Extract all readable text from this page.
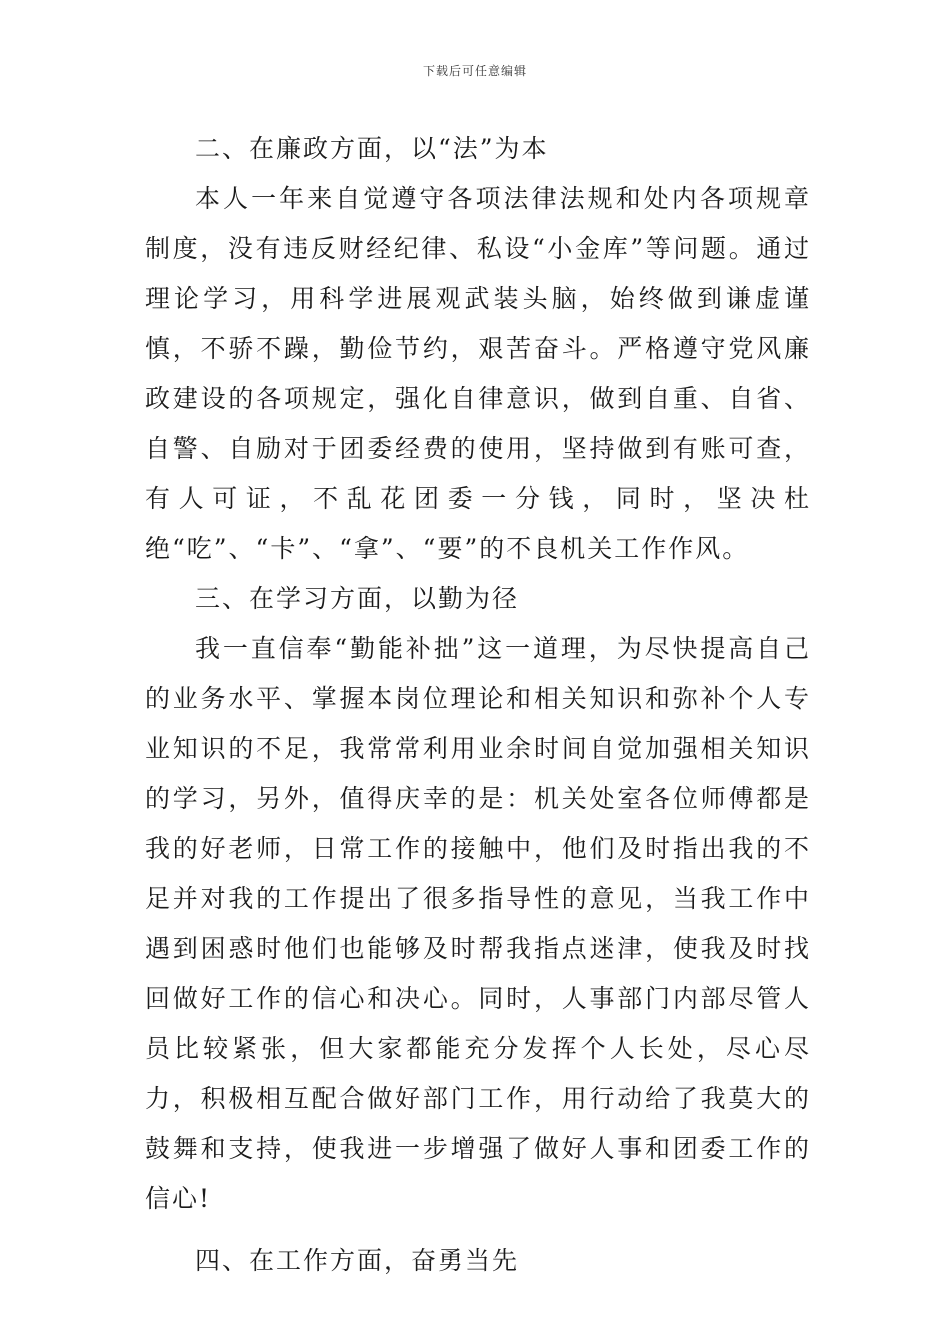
下载后可任意编辑

二、在廉政方面，以“法”为本

本人一年来自觉遵守各项法律法规和处内各项规章制度，没有违反财经纪律、私设“小金库”等问题。通过理论学习，用科学进展观武装头脑，始终做到谦虚谨慎，不骄不躁，勤俭节约，艰苦奋斗。严格遵守党风廉政建设的各项规定，强化自律意识，做到自重、自省、自警、自励对于团委经费的使用，坚持做到有账可查，有人可证，不乱花团委一分钱，同时，坚决杜绝“吃”、“卡”、“拿”、“要”的不良机关工作作风。

三、在学习方面，以勤为径

我一直信奉“勤能补拙”这一道理，为尽快提高自己的业务水平、掌握本岗位理论和相关知识和弥补个人专业知识的不足，我常常利用业余时间自觉加强相关知识的学习，另外，值得庆幸的是：机关处室各位师傅都是我的好老师，日常工作的接触中，他们及时指出我的不足并对我的工作提出了很多指导性的意见，当我工作中遇到困惑时他们也能够及时帮我指点迷津，使我及时找回做好工作的信心和决心。同时，人事部门内部尽管人员比较紧张，但大家都能充分发挥个人长处，尽心尽力，积极相互配合做好部门工作，用行动给了我莫大的鼓舞和支持，使我进一步增强了做好人事和团委工作的信心!

四、在工作方面，奋勇当先
